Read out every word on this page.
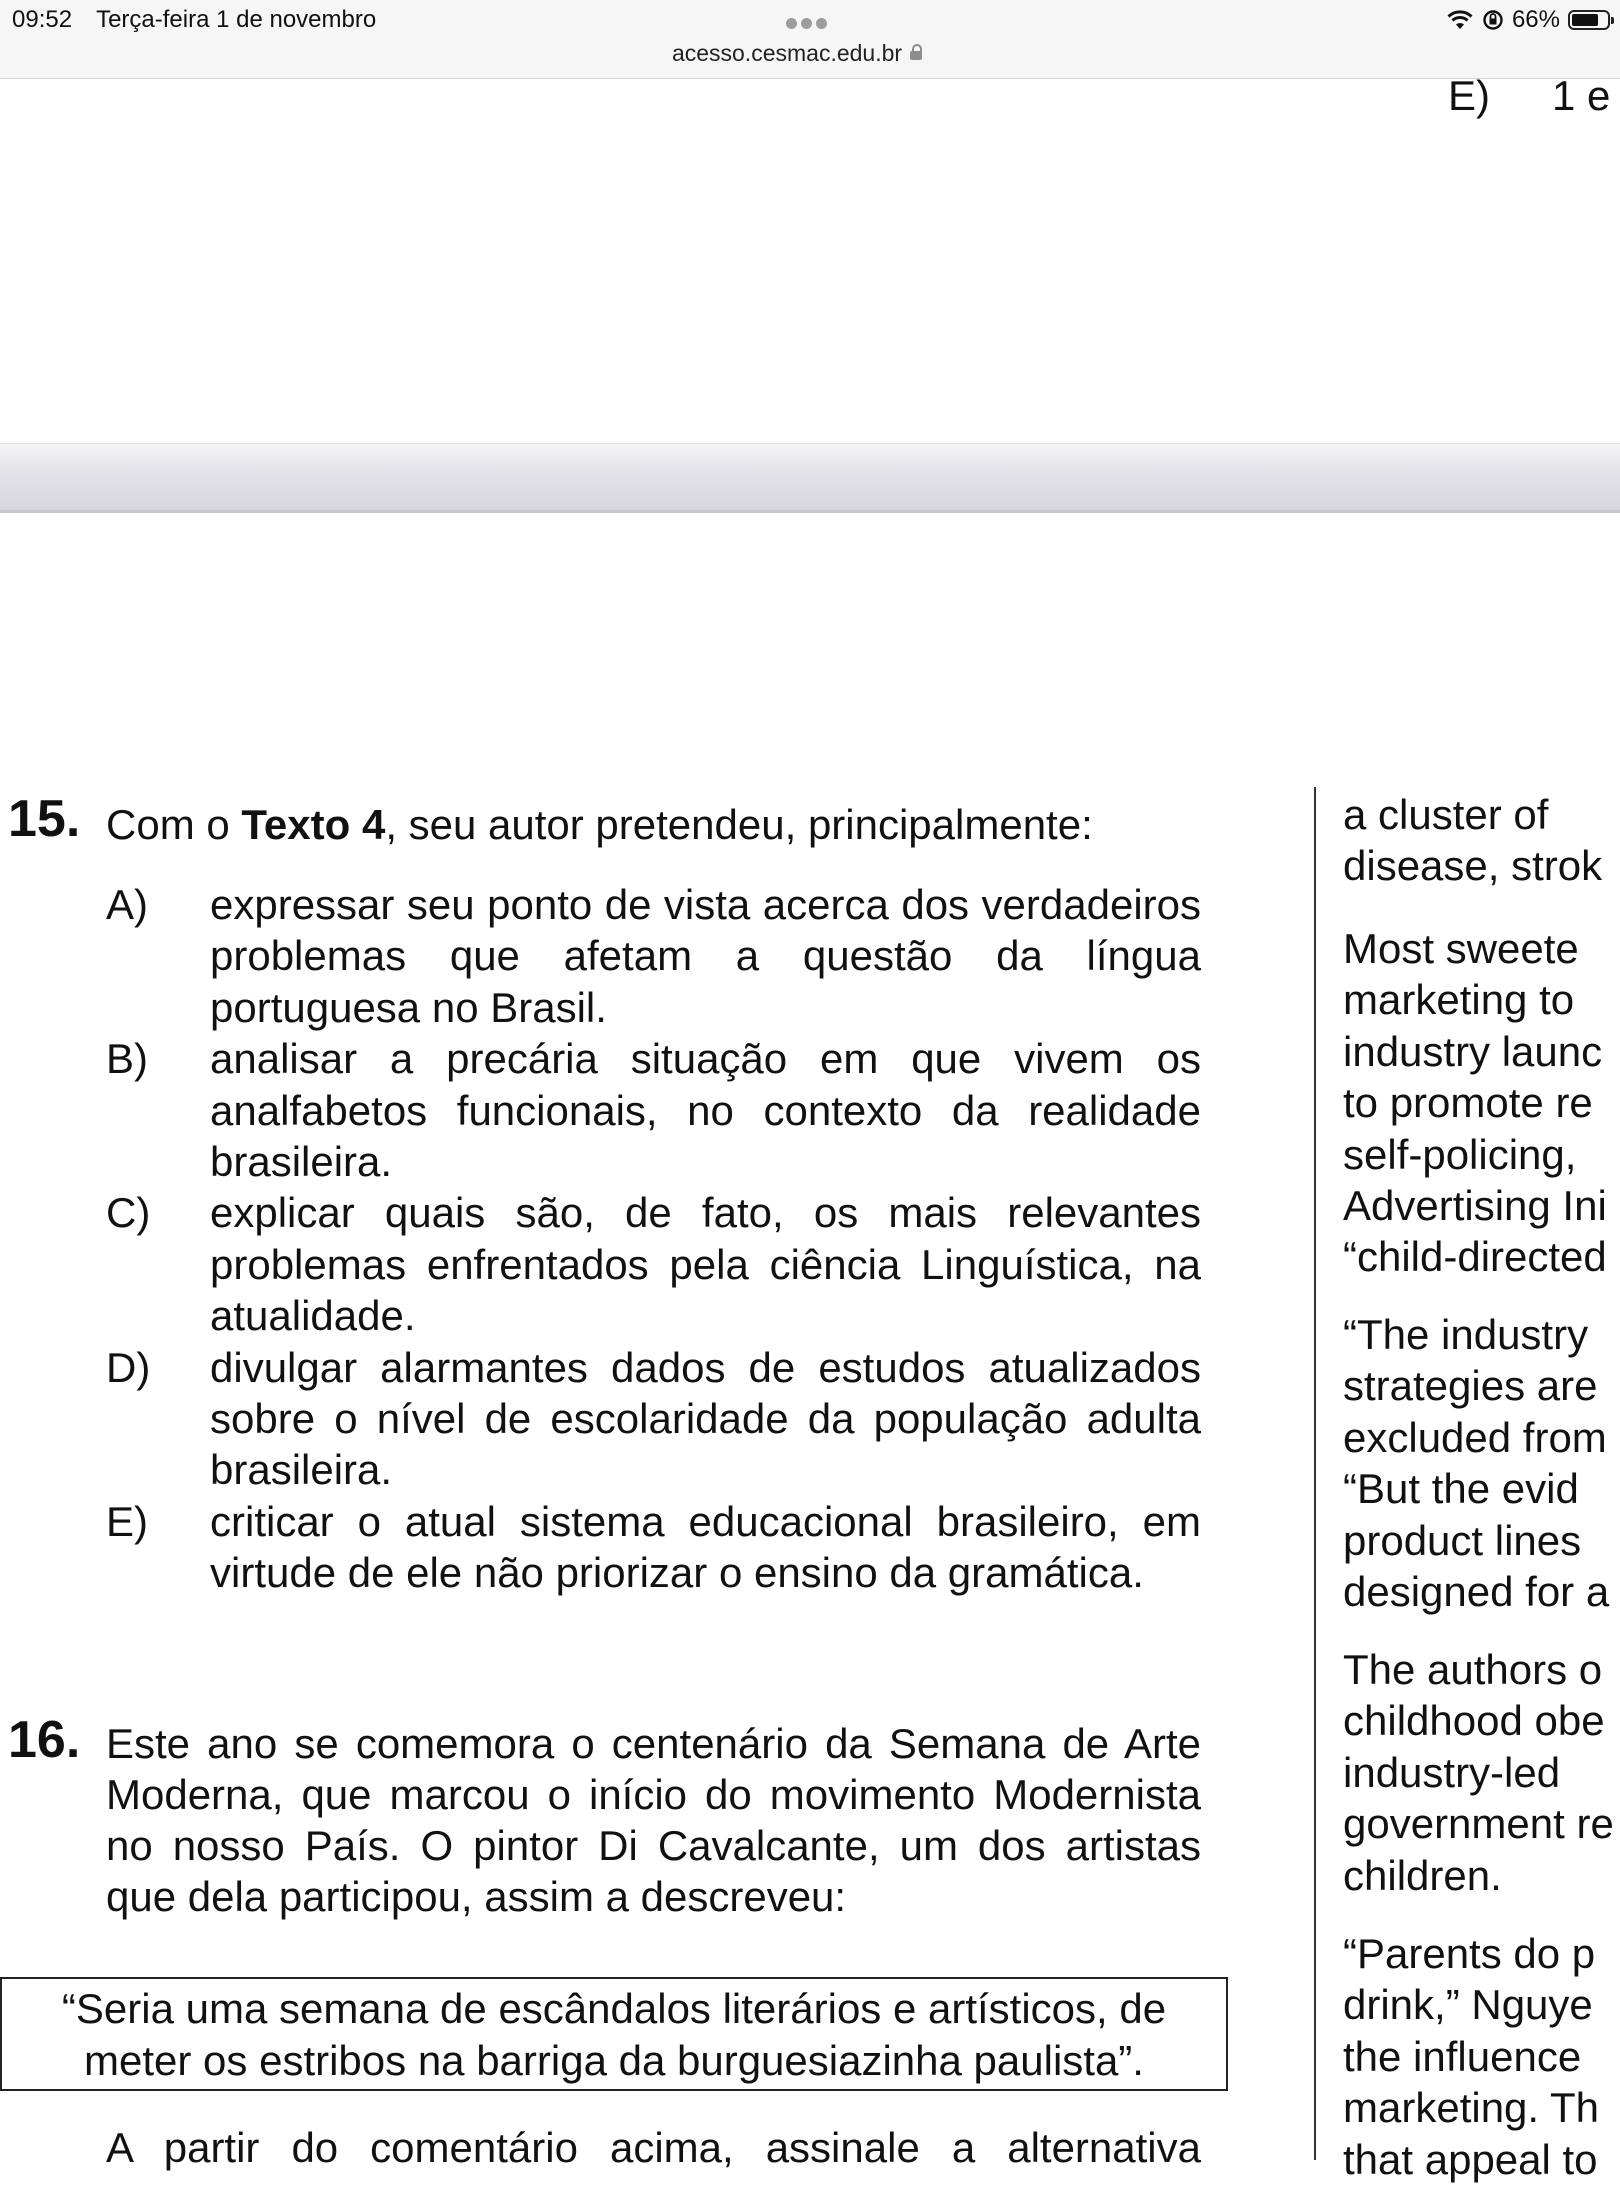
09:52 Terça-feira 1 de novembro
acesso.cesmac.edu.br
66%
E) 1 e
15. Com o Texto 4, seu autor pretendeu, principalmente:
A)	expressar seu ponto de vista acerca dos verdadeiros problemas que afetam a questão da língua portuguesa no Brasil.
B)	analisar a precária situação em que vivem os analfabetos funcionais, no contexto da realidade brasileira.
C)	explicar quais são, de fato, os mais relevantes problemas enfrentados pela ciência Linguística, na atualidade.
D)	divulgar alarmantes dados de estudos atualizados sobre o nível de escolaridade da população adulta brasileira.
E)	criticar o atual sistema educacional brasileiro, em virtude de ele não priorizar o ensino da gramática.
16. Este ano se comemora o centenário da Semana de Arte Moderna, que marcou o início do movimento Modernista no nosso País. O pintor Di Cavalcante, um dos artistas que dela participou, assim a descreveu:
“Seria uma semana de escândalos literários e artísticos, de
meter os estribos na barriga da burguesiazinha paulista”.
A partir do comentário acima, assinale a alternativa
a cluster of
disease, strok
Most sweete
marketing to
industry launc
to promote re
self-policing,
Advertising Ini
“child-directed
“The industry
strategies are
excluded from
“But the evid
product lines
designed for a
The authors o
childhood obe
industry-led
government re
children.
“Parents do p
drink,” Nguye
the influence
marketing. Th
that appeal to
